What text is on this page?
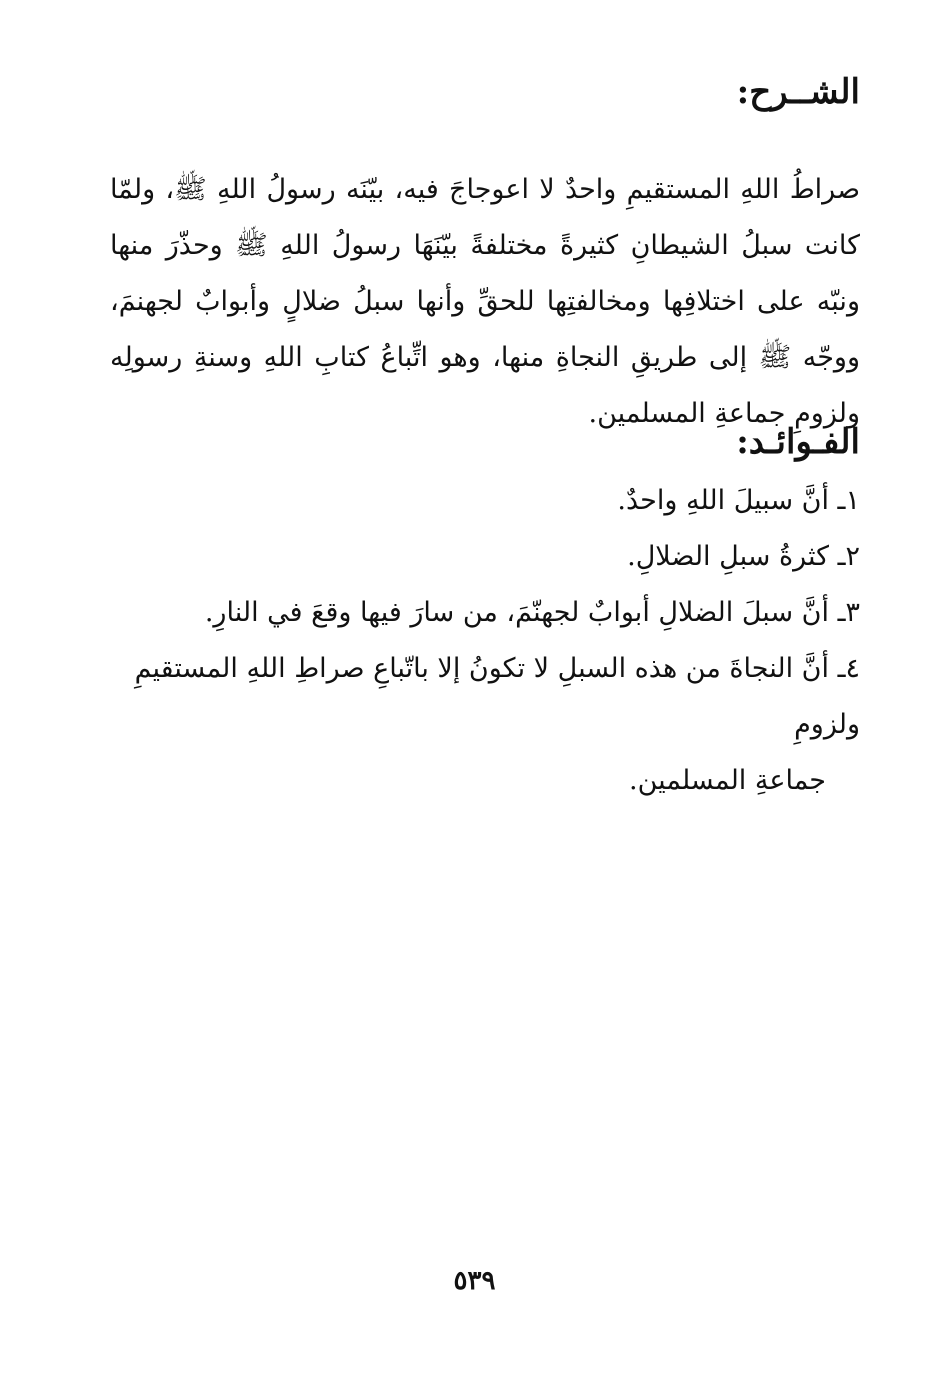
الشــرح:

صراطُ اللهِ المستقيمِ واحدٌ لا اعوجاجَ فيه، بيّنَه رسولُ اللهِ ﷺ، ولمّا كانت سبلُ الشيطانِ كثيرةً مختلفةً بيّنَهَا رسولُ اللهِ ﷺ وحذّرَ منها ونبّه على اختلافِها ومخالفتِها للحقِّ وأنها سبلُ ضلالٍ وأبوابٌ لجهنمَ، ووجّه ﷺ إلى طريقِ النجاةِ منها، وهو اتِّباعُ كتابِ اللهِ وسنةِ رسولِه ولزومِ جماعةِ المسلمين.

الفـوائـد:
١ـ أنَّ سبيلَ اللهِ واحدٌ.
٢ـ كثرةُ سبلِ الضلالِ.
٣ـ أنَّ سبلَ الضلالِ أبوابٌ لجهنّمَ، من سارَ فيها وقعَ في النارِ.
٤ـ أنَّ النجاةَ من هذه السبلِ لا تكونُ إلا باتّباعِ صراطِ اللهِ المستقيمِ ولزومِ
جماعةِ المسلمين.
٥٣٩
